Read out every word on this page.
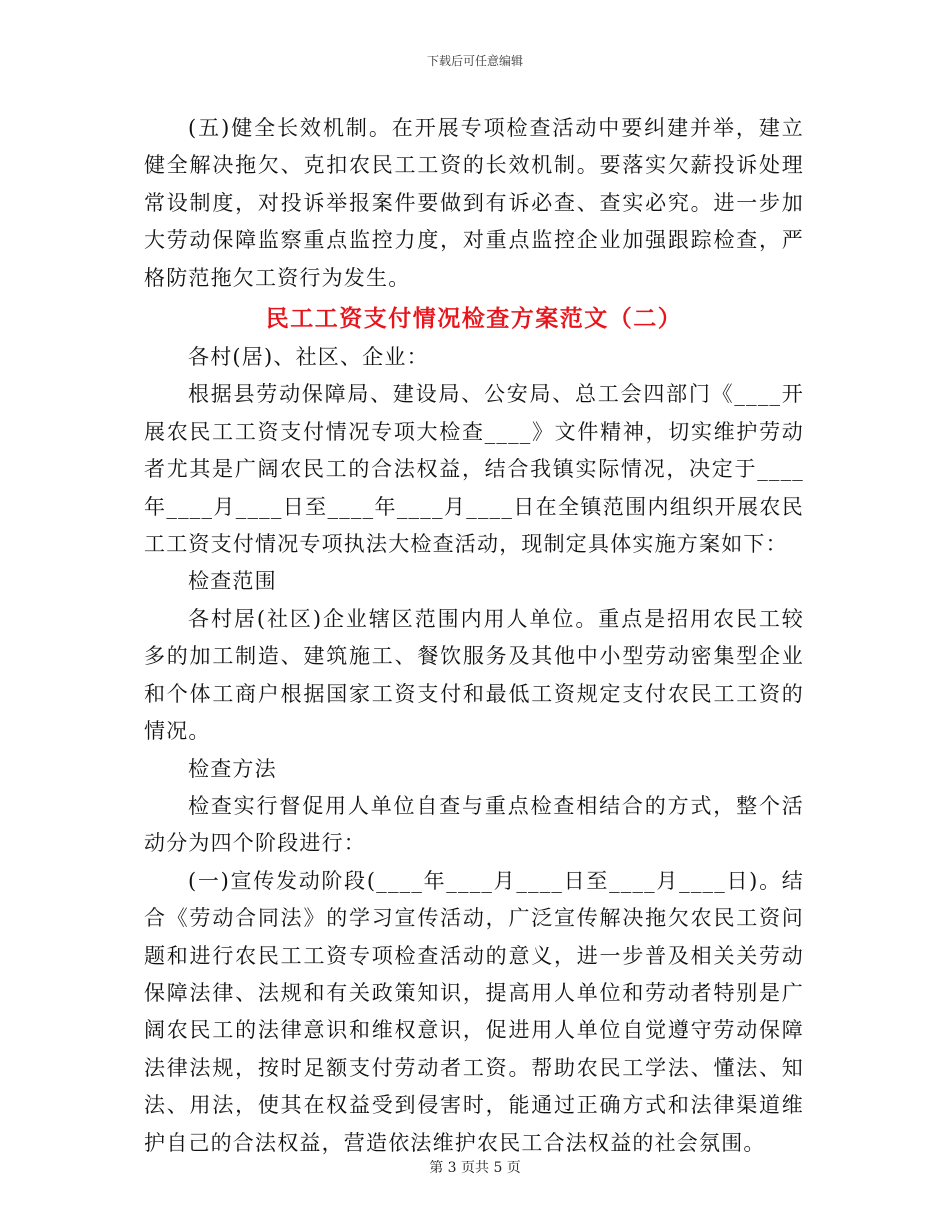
下载后可任意编辑

(五)健全长效机制。在开展专项检查活动中要纠建并举，建立健全解决拖欠、克扣农民工工资的长效机制。要落实欠薪投诉处理常设制度，对投诉举报案件要做到有诉必查、查实必究。进一步加大劳动保障监察重点监控力度，对重点监控企业加强跟踪检查，严格防范拖欠工资行为发生。

民工工资支付情况检查方案范文（二）

各村(居)、社区、企业：

根据县劳动保障局、建设局、公安局、总工会四部门《____开展农民工工资支付情况专项大检查____》文件精神，切实维护劳动者尤其是广阔农民工的合法权益，结合我镇实际情况，决定于____年____月____日至____年____月____日在全镇范围内组织开展农民工工资支付情况专项执法大检查活动，现制定具体实施方案如下：

检查范围

各村居(社区)企业辖区范围内用人单位。重点是招用农民工较多的加工制造、建筑施工、餐饮服务及其他中小型劳动密集型企业和个体工商户根据国家工资支付和最低工资规定支付农民工工资的情况。

检查方法

检查实行督促用人单位自查与重点检查相结合的方式，整个活动分为四个阶段进行：

(一)宣传发动阶段(____年____月____日至____月____日)。结合《劳动合同法》的学习宣传活动，广泛宣传解决拖欠农民工资问题和进行农民工工资专项检查活动的意义，进一步普及相关关劳动保障法律、法规和有关政策知识，提高用人单位和劳动者特别是广阔农民工的法律意识和维权意识，促进用人单位自觉遵守劳动保障法律法规，按时足额支付劳动者工资。帮助农民工学法、懂法、知法、用法，使其在权益受到侵害时，能通过正确方式和法律渠道维护自己的合法权益，营造依法维护农民工合法权益的社会氛围。

第 3 页共 5 页
